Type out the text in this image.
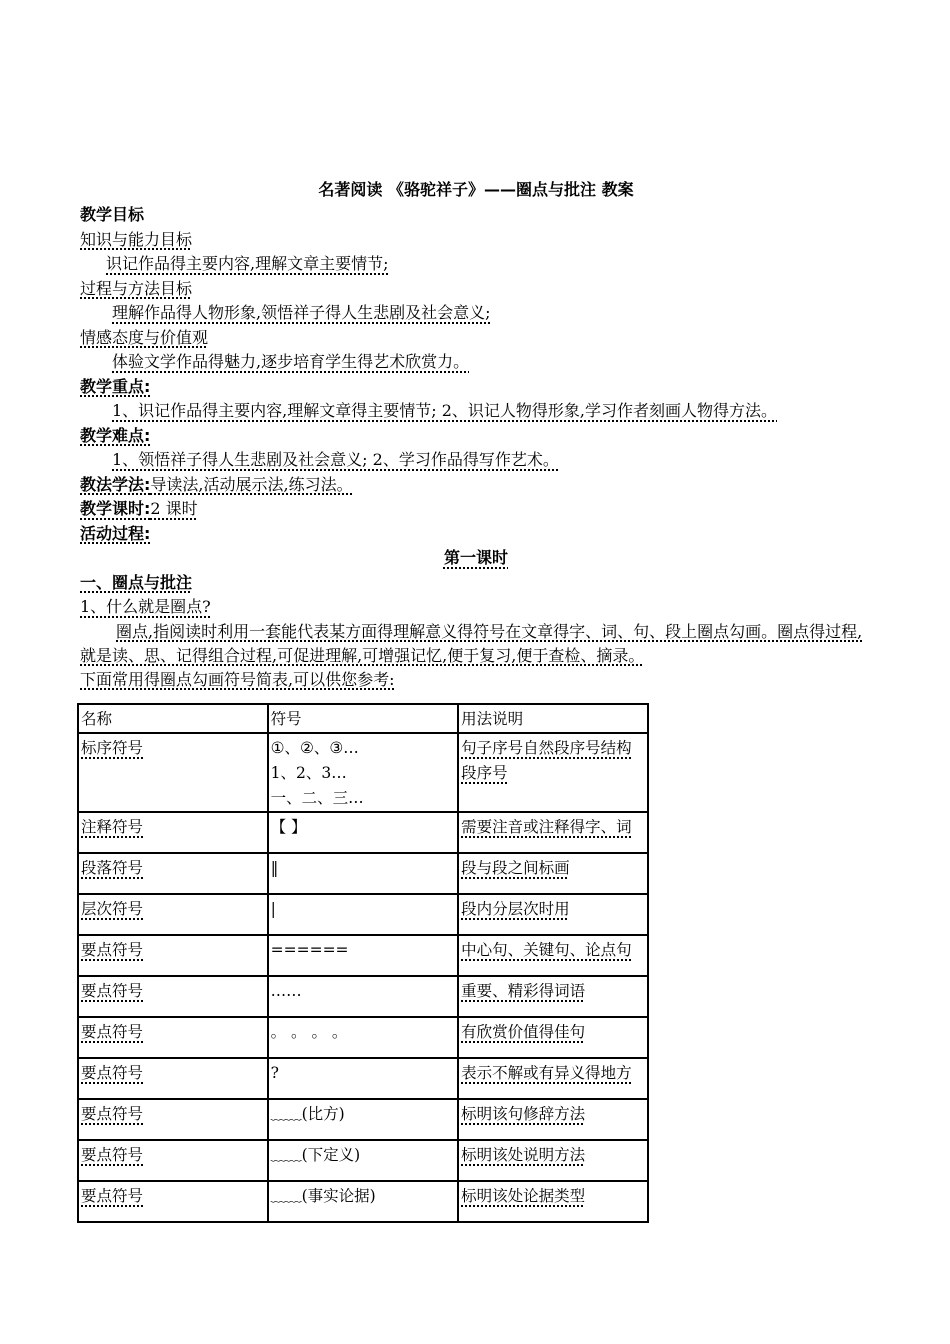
名著阅读 《骆驼祥子》——圈点与批注 教案
教学目标
知识与能力目标
识记作品得主要内容,理解文章主要情节;
过程与方法目标
理解作品得人物形象,领悟祥子得人生悲剧及社会意义;
情感态度与价值观
体验文学作品得魅力,逐步培育学生得艺术欣赏力。
教学重点:
1、识记作品得主要内容,理解文章得主要情节; 2、识记人物得形象,学习作者刻画人物得方法。
教学难点:
1、领悟祥子得人生悲剧及社会意义; 2、学习作品得写作艺术。
教法学法:导读法,活动展示法,练习法。
教学课时:2 课时
活动过程:
第一课时
一、圈点与批注
1、什么就是圈点?
圈点,指阅读时利用一套能代表某方面得理解意义得符号在文章得字、词、句、段上圈点勾画。圈点得过程,就是读、思、记得组合过程,可促进理解,可增强记忆,便于复习,便于查检、摘录。
下面常用得圈点勾画符号简表,可以供您参考:
名称	符号	用法说明
标序符号	①、②、③…
1、2、3…
一、二、三…	句子序号自然段序号结构段序号
注释符号	【 】	需要注音或注释得字、词
段落符号	‖	段与段之间标画
层次符号	|	段内分层次时用
要点符号	======	中心句、关键句、论点句
要点符号	……	重要、精彩得词语
要点符号	。 。 。 。	有欣赏价值得佳句
要点符号	?	表示不解或有异义得地方
要点符号	﹏﹏(比方)	标明该句修辞方法
要点符号	﹏﹏(下定义)	标明该处说明方法
要点符号	﹏﹏(事实论据)	标明该处论据类型
